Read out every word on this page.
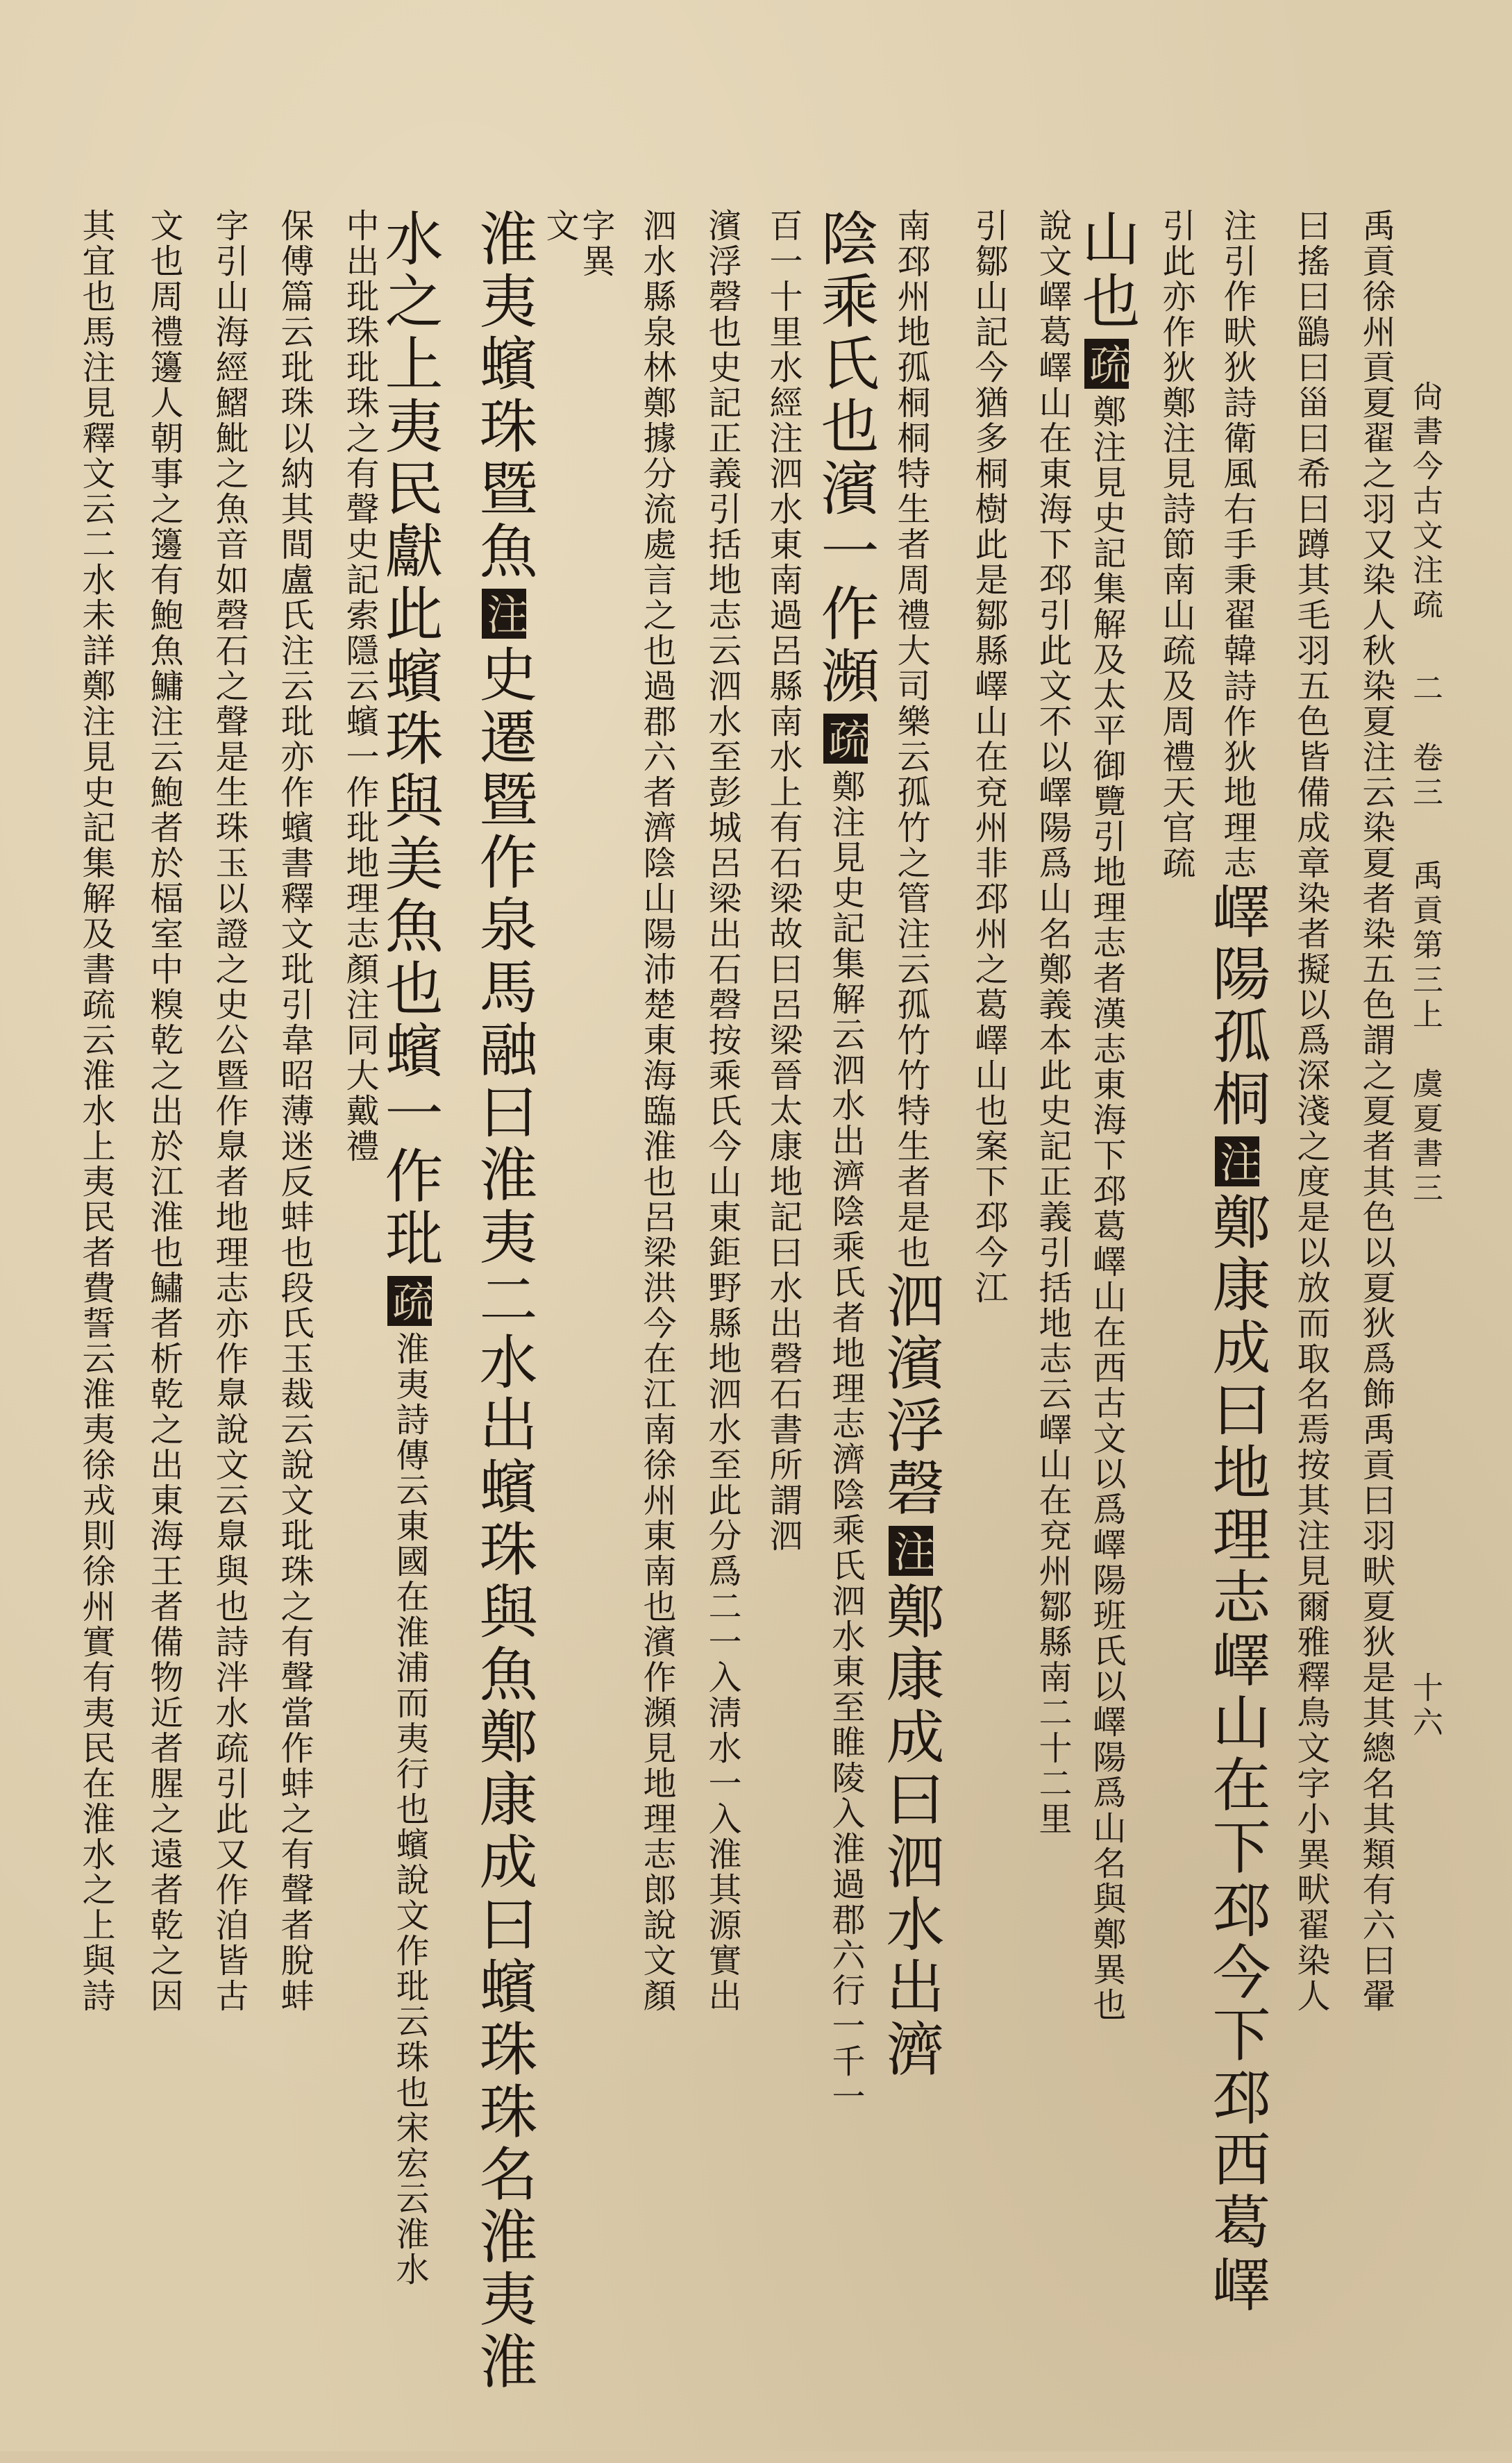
尙書今古文注疏
二
卷三
禹貢第三上
虞夏書三
十六
禹貢徐州貢夏翟之羽又染人秋染夏注云染夏者染五色謂之夏者其色以夏狄爲飾禹貢曰羽畎夏狄是其總名其類有六曰翬
曰搖曰鶅曰甾曰希曰蹲其毛羽五色皆備成章染者擬以爲深淺之度是以放而取名焉按其注見爾雅釋鳥文字小異畎翟染人
注引作畎狄詩衛風右手秉翟韓詩作狄地理志嶧陽孤桐注鄭康成曰地理志嶧山在下邳今下邳西葛嶧
引此亦作狄鄭注見詩節南山疏及周禮天官疏
山也疏鄭注見史記集解及太平御覽引地理志者漢志東海下邳葛嶧山在西古文以爲嶧陽班氏以嶧陽爲山名與鄭異也
說文嶧葛嶧山在東海下邳引此文不以嶧陽爲山名鄭義本此史記正義引括地志云嶧山在兗州鄒縣南二十二里
引鄒山記今猶多桐樹此是鄒縣嶧山在兗州非邳州之葛嶧山也案下邳今江
南邳州地孤桐桐特生者周禮大司樂云孤竹之管注云孤竹竹特生者是也泗濱浮磬注鄭康成曰泗水出濟
陰乘氏也濱一作瀕疏鄭注見史記集解云泗水出濟陰乘氏者地理志濟陰乘氏泗水東至睢陵入淮過郡六行一千一
百一十里水經注泗水東南過呂縣南水上有石梁故曰呂梁晉太康地記曰水出磬石書所謂泗
濱浮磬也史記正義引括地志云泗水至彭城呂梁出石磬按乘氏今山東鉅野縣地泗水至此分爲二一入淸水一入淮其源實出
泗水縣泉林鄭據分流處言之也過郡六者濟陰山陽沛楚東海臨淮也呂梁洪今在江南徐州東南也濱作瀕見地理志郎說文顏
字異
文
淮夷蠙珠暨魚注史遷暨作泉馬融曰淮夷二水出蠙珠與魚鄭康成曰蠙珠珠名淮夷淮
水之上夷民獻此蠙珠與美魚也蠙一作玭疏淮夷詩傳云東國在淮浦而夷行也蠙說文作玭云珠也宋宏云淮水
中出玭珠玭珠之有聲史記索隱云蠙一作玭地理志顏注同大戴禮
保傅篇云玭珠以納其間盧氏注云玭亦作蠙書釋文玭引韋昭薄迷反蚌也段氏玉裁云說文玭珠之有聲當作蚌之有聲者脫蚌
字引山海經鰼魮之魚音如磬石之聲是生珠玉以證之史公暨作臮者地理志亦作臮說文云臮與也詩泮水疏引此又作洎皆古
文也周禮籩人朝事之籩有鮑魚鱅注云鮑者於楅室中糗乾之出於江淮也鱐者析乾之出東海王者備物近者腥之遠者乾之因
其宜也馬注見釋文云二水未詳鄭注見史記集解及書疏云淮水上夷民者費誓云淮夷徐戎則徐州實有夷民在淮水之上與詩
